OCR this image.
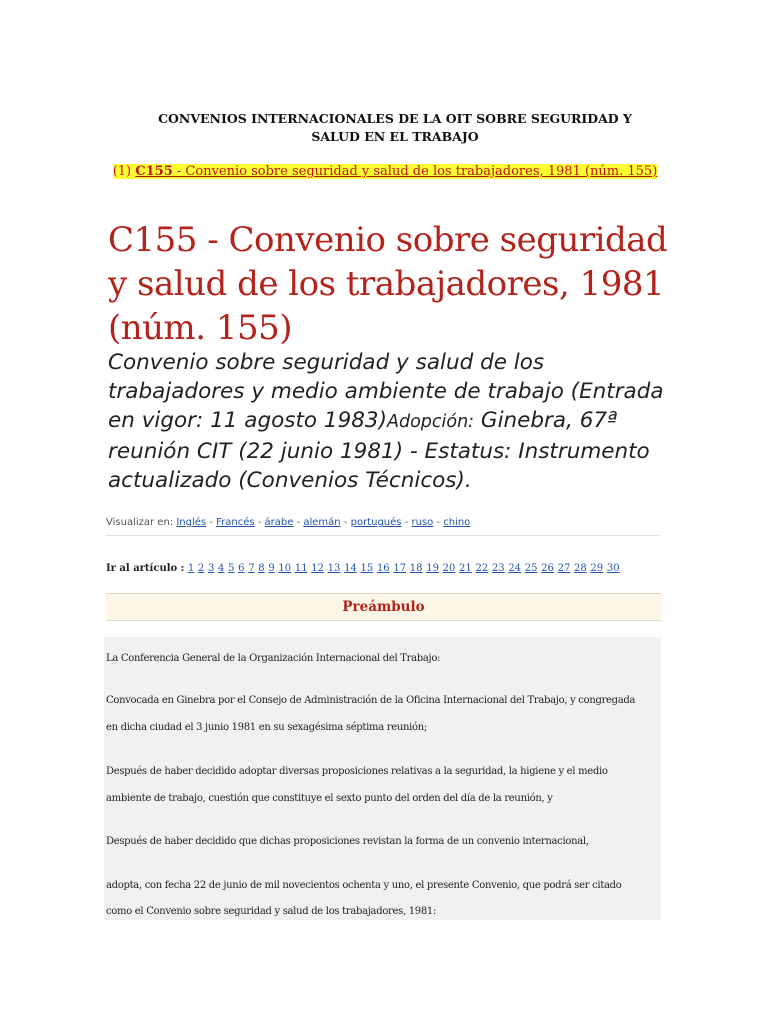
CONVENIOS INTERNACIONALES DE LA OIT SOBRE SEGURIDAD Y
SALUD EN EL TRABAJO
(1) C155 - Convenio sobre seguridad y salud de los trabajadores, 1981 (núm. 155)
C155 - Convenio sobre seguridad y salud de los trabajadores, 1981 (núm. 155)
Convenio sobre seguridad y salud de los trabajadores y medio ambiente de trabajo (Entrada en vigor: 11 agosto 1983)Adopción: Ginebra, 67ª reunión CIT (22 junio 1981) - Estatus: Instrumento actualizado (Convenios Técnicos).
Visualizar en: Inglés - Francés - árabe - alemán - portugués - ruso - chino
Ir al artículo : 1 2 3 4 5 6 7 8 9 10 11 12 13 14 15 16 17 18 19 20 21 22 23 24 25 26 27 28 29 30
Preámbulo
La Conferencia General de la Organización Internacional del Trabajo:
Convocada en Ginebra por el Consejo de Administración de la Oficina Internacional del Trabajo, y congregada
en dicha ciudad el 3 junio 1981 en su sexagésima séptima reunión;
Después de haber decidido adoptar diversas proposiciones relativas a la seguridad, la higiene y el medio
ambiente de trabajo, cuestión que constituye el sexto punto del orden del día de la reunión, y
Después de haber decidido que dichas proposiciones revistan la forma de un convenio internacional,
adopta, con fecha 22 de junio de mil novecientos ochenta y uno, el presente Convenio, que podrá ser citado
como el Convenio sobre seguridad y salud de los trabajadores, 1981:
